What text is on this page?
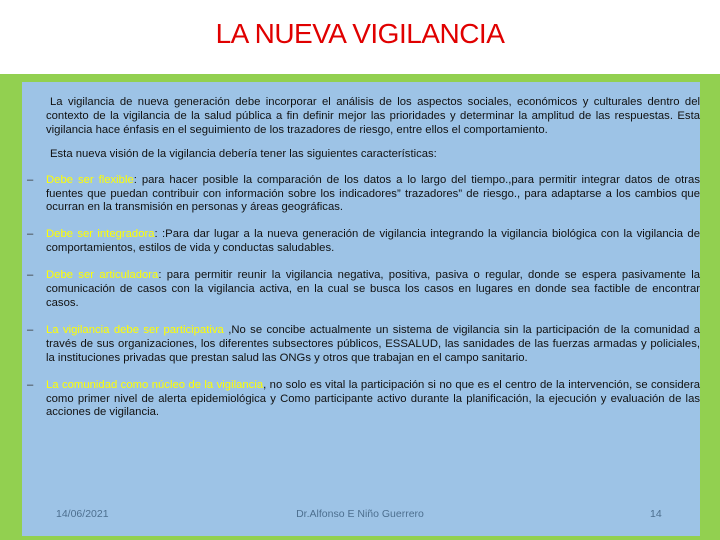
LA NUEVA VIGILANCIA

La vigilancia de nueva generación debe incorporar el análisis de los aspectos sociales, económicos y culturales dentro del contexto de la vigilancia de la salud pública a fin definir mejor las prioridades y determinar la amplitud de las respuestas. Esta vigilancia hace énfasis en el seguimiento de los trazadores de riesgo, entre ellos el comportamiento.

Esta nueva visión de la vigilancia debería tener las siguientes características:

– Debe ser flexible: para hacer posible la comparación de los datos a lo largo del tiempo.,para permitir integrar datos de otras fuentes que puedan contribuir con información sobre los indicadores” trazadores” de riesgo., para adaptarse a los cambios que ocurran en la transmisión en personas y áreas geográficas.
– Debe ser integradora: :Para dar lugar a la nueva generación de vigilancia integrando la vigilancia biológica con la vigilancia de comportamientos, estilos de vida y conductas saludables.
– Debe ser articuladora: para permitir reunir la vigilancia negativa, positiva, pasiva o regular, donde se espera pasivamente la comunicación de casos con la vigilancia activa, en la cual se busca los casos en lugares en donde sea factible de encontrar casos.
– La vigilancia debe ser participativa ,No se concibe actualmente un sistema de vigilancia sin la participación de la comunidad a través de sus organizaciones, los diferentes subsectores públicos, ESSALUD, las sanidades de las fuerzas armadas y policiales, la instituciones privadas que prestan salud las ONGs y otros que trabajan en el campo sanitario.
– La comunidad como núcleo de la vigilancia, no solo es vital la participación si no que es el centro de la intervención, se considera como primer nivel de alerta epidemiológica y Como participante activo durante la planificación, la ejecución y evaluación de las acciones de vigilancia.
14/06/2021	Dr.Alfonso E Niño Guerrero	14
